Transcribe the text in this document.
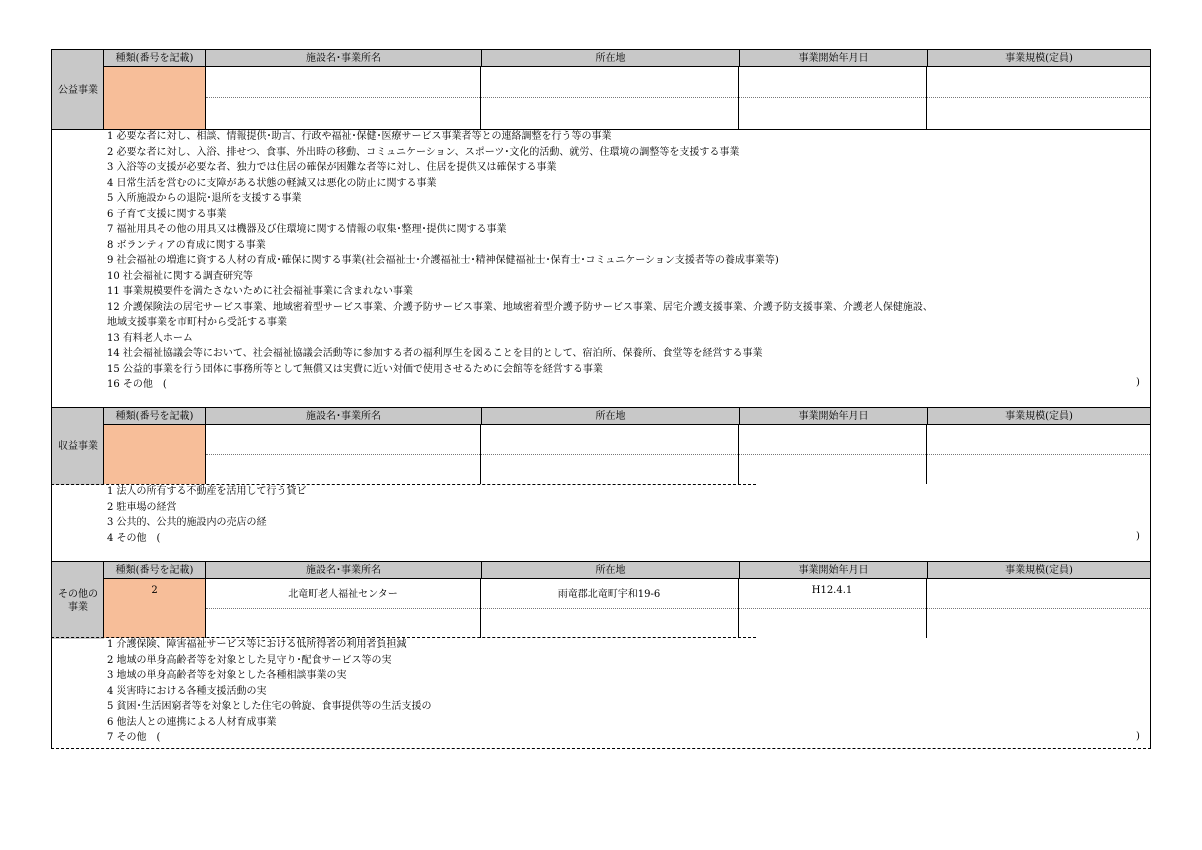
公益事業
種類(番号を記載)	施設名･事業所名	所在地	事業開始年月日	事業規模(定員)
1 必要な者に対し、相談、情報提供･助言、行政や福祉･保健･医療サービス事業者等との連絡調整を行う等の事業
2 必要な者に対し、入浴、排せつ、食事、外出時の移動、コミュニケーション、スポーツ･文化的活動、就労、住環境の調整等を支援する事業
3 入浴等の支援が必要な者、独力では住居の確保が困難な者等に対し、住居を提供又は確保する事業
4 日常生活を営むのに支障がある状態の軽減又は悪化の防止に関する事業
5 入所施設からの退院･退所を支援する事業
6 子育て支援に関する事業
7 福祉用具その他の用具又は機器及び住環境に関する情報の収集･整理･提供に関する事業
8 ボランティアの育成に関する事業
9 社会福祉の増進に資する人材の育成･確保に関する事業(社会福祉士･介護福祉士･精神保健福祉士･保育士･コミュニケーション支援者等の養成事業等)
10 社会福祉に関する調査研究等
11 事業規模要件を満たさないために社会福祉事業に含まれない事業
12 介護保険法の居宅サービス事業、地域密着型サービス事業、介護予防サービス事業、地域密着型介護予防サービス事業、居宅介護支援事業、介護予防支援事業、介護老人保健施設、
地域支援事業を市町村から受託する事業
13 有料老人ホーム
14 社会福祉協議会等において、社会福祉協議会活動等に参加する者の福利厚生を図ることを目的として、宿泊所、保養所、食堂等を経営する事業
15 公益的事業を行う団体に事務所等として無償又は実費に近い対価で使用させるために会館等を経営する事業
16 その他　(	)
収益事業
種類(番号を記載)	施設名･事業所名	所在地	事業開始年月日	事業規模(定員)
1 法人の所有する不動産を活用して行う貸ビ
2 駐車場の経営
3 公共的、公共的施設内の売店の経
4 その他　(	)
その他の
事業
種類(番号を記載)	施設名･事業所名	所在地	事業開始年月日	事業規模(定員)
2	北竜町老人福祉センター	雨竜郡北竜町宇和19-6	H12.4.1
1 介護保険、障害福祉サービス等における低所得者の利用者負担減
2 地域の単身高齢者等を対象とした見守り･配食サービス等の実
3 地域の単身高齢者等を対象とした各種相談事業の実
4 災害時における各種支援活動の実
5 貧困･生活困窮者等を対象とした住宅の斡旋、食事提供等の生活支援の
6 他法人との連携による人材育成事業
7 その他　(	)
